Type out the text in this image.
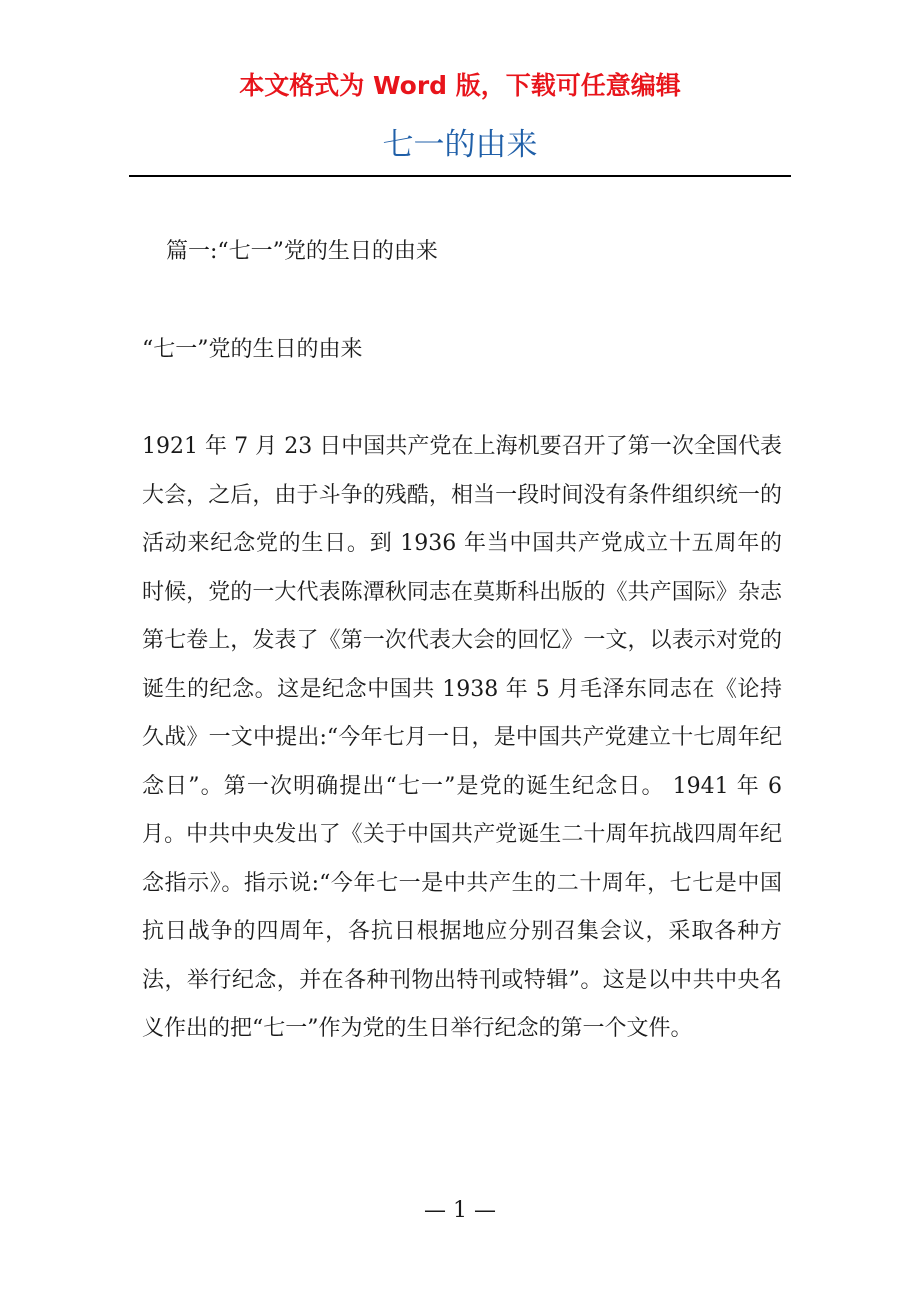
本文格式为 Word 版，下载可任意编辑
七一的由来
篇一:“七一”党的生日的由来
“七一”党的生日的由来
1921 年 7 月 23 日中国共产党在上海机要召开了第一次全国代表大会，之后，由于斗争的残酷，相当一段时间没有条件组织统一的活动来纪念党的生日。到 1936 年当中国共产党成立十五周年的时候，党的一大代表陈潭秋同志在莫斯科出版的《共产国际》杂志第七卷上，发表了《第一次代表大会的回忆》一文，以表示对党的诞生的纪念。这是纪念中国共 1938 年 5 月毛泽东同志在《论持久战》一文中提出:“今年七月一日，是中国共产党建立十七周年纪念日”。第一次明确提出“七一”是党的诞生纪念日。 1941 年 6 月。中共中央发出了《关于中国共产党诞生二十周年抗战四周年纪念指示》。指示说:“今年七一是中共产生的二十周年，七七是中国抗日战争的四周年，各抗日根据地应分别召集会议，采取各种方法，举行纪念，并在各种刊物出特刊或特辑”。这是以中共中央名义作出的把“七一”作为党的生日举行纪念的第一个文件。
— 1 —
